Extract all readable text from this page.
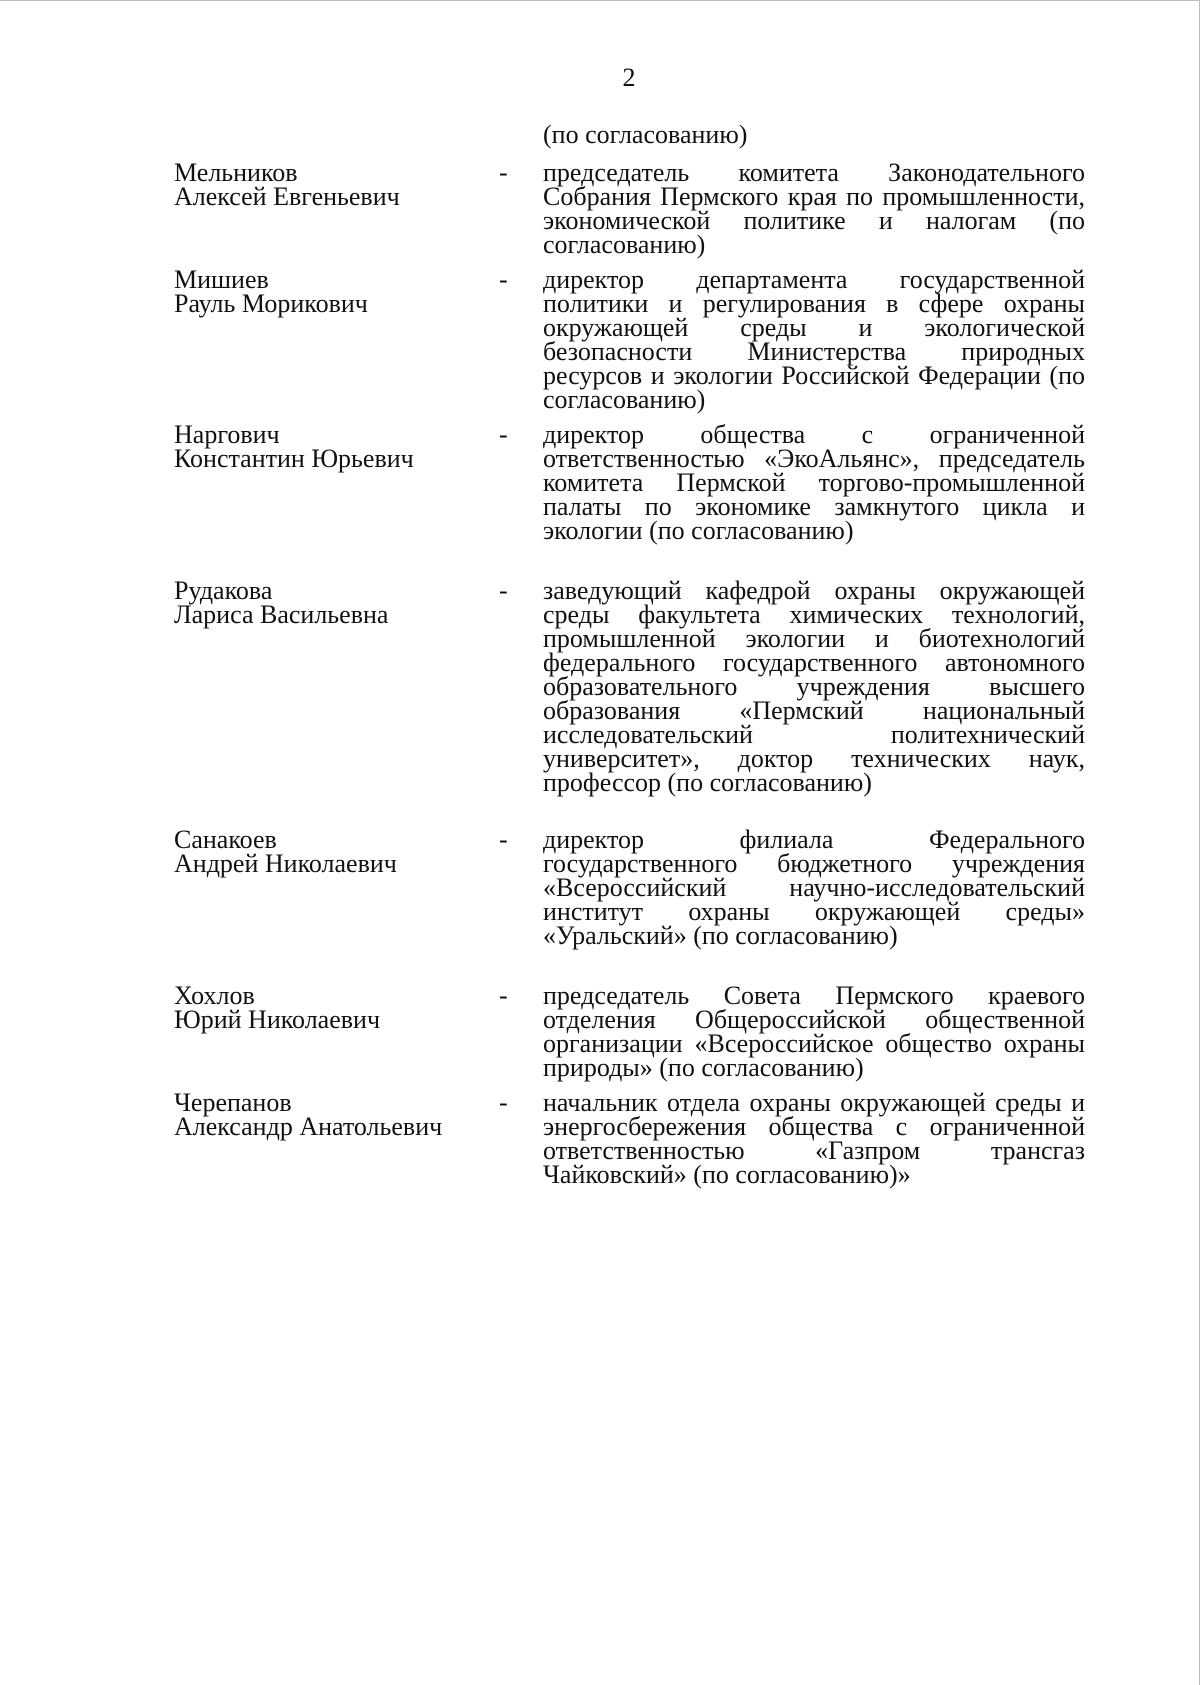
2
(по согласованию)
Мельников
Алексей Евгеньевич
- председатель комитета Законодательного Собрания Пермского края по промышленности, экономической политике и налогам (по согласованию)
Мишиев
Рауль Морикович
- директор департамента государственной политики и регулирования в сфере охраны окружающей среды и экологической безопасности Министерства природных ресурсов и экологии Российской Федерации (по согласованию)
Наргович
Константин Юрьевич
- директор общества с ограниченной ответственностью «ЭкоАльянс», председатель комитета Пермской торгово-промышленной палаты по экономике замкнутого цикла и экологии (по согласованию)
Рудакова
Лариса Васильевна
- заведующий кафедрой охраны окружающей среды факультета химических технологий, промышленной экологии и биотехнологий федерального государственного автономного образовательного учреждения высшего образования «Пермский национальный исследовательский политехнический университет», доктор технических наук, профессор (по согласованию)
Санакоев
Андрей Николаевич
- директор филиала Федерального государственного бюджетного учреждения «Всероссийский научно-исследовательский институт охраны окружающей среды» «Уральский» (по согласованию)
Хохлов
Юрий Николаевич
- председатель Совета Пермского краевого отделения Общероссийской общественной организации «Всероссийское общество охраны природы» (по согласованию)
Черепанов
Александр Анатольевич
- начальник отдела охраны окружающей среды и энергосбережения общества с ограниченной ответственностью «Газпром трансгаз Чайковский» (по согласованию)»
